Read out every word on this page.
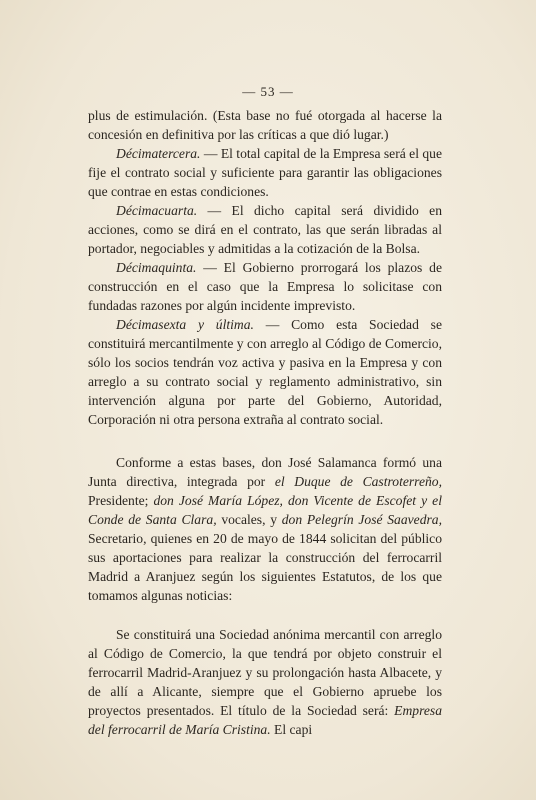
— 53 —

plus de estimulación. (Esta base no fué otorgada al hacerse la concesión en definitiva por las críticas a que dió lugar.)

Décimatercera. — El total capital de la Empresa será el que fije el contrato social y suficiente para garantir las obligaciones que contrae en estas condiciones.

Décimacuarta. — El dicho capital será dividido en acciones, como se dirá en el contrato, las que serán libradas al portador, negociables y admitidas a la cotización de la Bolsa.

Décimaquinta. — El Gobierno prorrogará los plazos de construcción en el caso que la Empresa lo solicitase con fundadas razones por algún incidente imprevisto.

Décimasexta y última. — Como esta Sociedad se constituirá mercantilmente y con arreglo al Código de Comercio, sólo los socios tendrán voz activa y pasiva en la Empresa y con arreglo a su contrato social y reglamento administrativo, sin intervención alguna por parte del Gobierno, Autoridad, Corporación ni otra persona extraña al contrato social.

Conforme a estas bases, don José Salamanca formó una Junta directiva, integrada por el Duque de Castroterreño, Presidente; don José María López, don Vicente de Escofet y el Conde de Santa Clara, vocales, y don Pelegrín José Saavedra, Secretario, quienes en 20 de mayo de 1844 solicitan del público sus aportaciones para realizar la construcción del ferrocarril Madrid a Aranjuez según los siguientes Estatutos, de los que tomamos algunas noticias:

Se constituirá una Sociedad anónima mercantil con arreglo al Código de Comercio, la que tendrá por objeto construir el ferrocarril Madrid-Aranjuez y su prolongación hasta Albacete, y de allí a Alicante, siempre que el Gobierno apruebe los proyectos presentados. El título de la Sociedad será: Empresa del ferrocarril de María Cristina. El capi
